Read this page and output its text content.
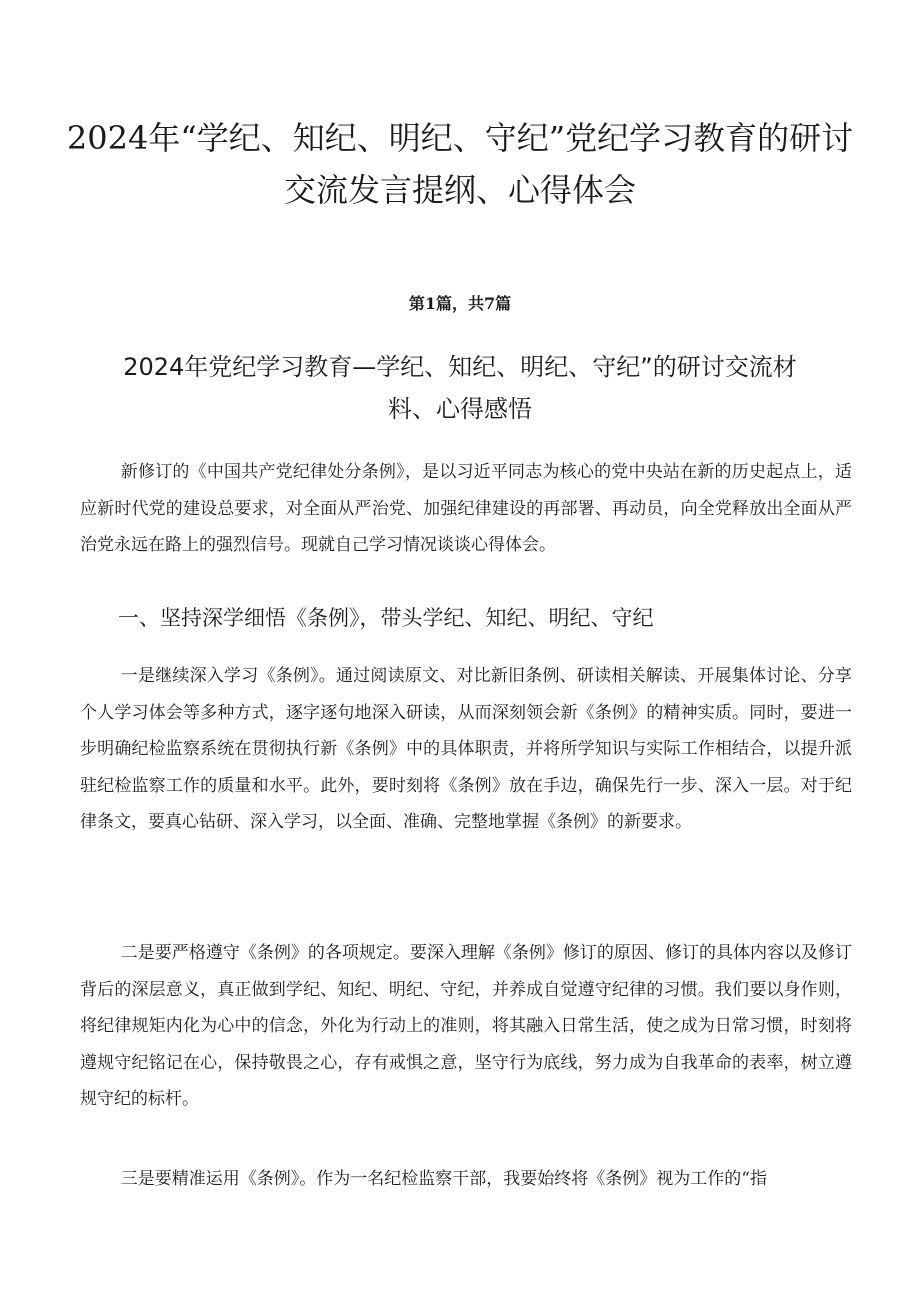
2024年“学纪、知纪、明纪、守纪”党纪学习教育的研讨交流发言提纲、心得体会

第1篇，共7篇

2024年党纪学习教育—学纪、知纪、明纪、守纪”的研讨交流材料、心得感悟

新修订的《中国共产党纪律处分条例》，是以习近平同志为核心的党中央站在新的历史起点上，适应新时代党的建设总要求，对全面从严治党、加强纪律建设的再部署、再动员，向全党释放出全面从严治党永远在路上的强烈信号。现就自己学习情况谈谈心得体会。

一、坚持深学细悟《条例》，带头学纪、知纪、明纪、守纪

一是继续深入学习《条例》。通过阅读原文、对比新旧条例、研读相关解读、开展集体讨论、分享个人学习体会等多种方式，逐字逐句地深入研读，从而深刻领会新《条例》的精神实质。同时，要进一步明确纪检监察系统在贯彻执行新《条例》中的具体职责，并将所学知识与实际工作相结合，以提升派驻纪检监察工作的质量和水平。此外，要时刻将《条例》放在手边，确保先行一步、深入一层。对于纪律条文，要真心钻研、深入学习，以全面、准确、完整地掌握《条例》的新要求。

二是要严格遵守《条例》的各项规定。要深入理解《条例》修订的原因、修订的具体内容以及修订背后的深层意义，真正做到学纪、知纪、明纪、守纪，并养成自觉遵守纪律的习惯。我们要以身作则，将纪律规矩内化为心中的信念，外化为行动上的准则，将其融入日常生活，使之成为日常习惯，时刻将遵规守纪铭记在心，保持敬畏之心，存有戒惧之意，坚守行为底线，努力成为自我革命的表率，树立遵规守纪的标杆。

三是要精准运用《条例》。作为一名纪检监察干部，我要始终将《条例》视为工作的“指
